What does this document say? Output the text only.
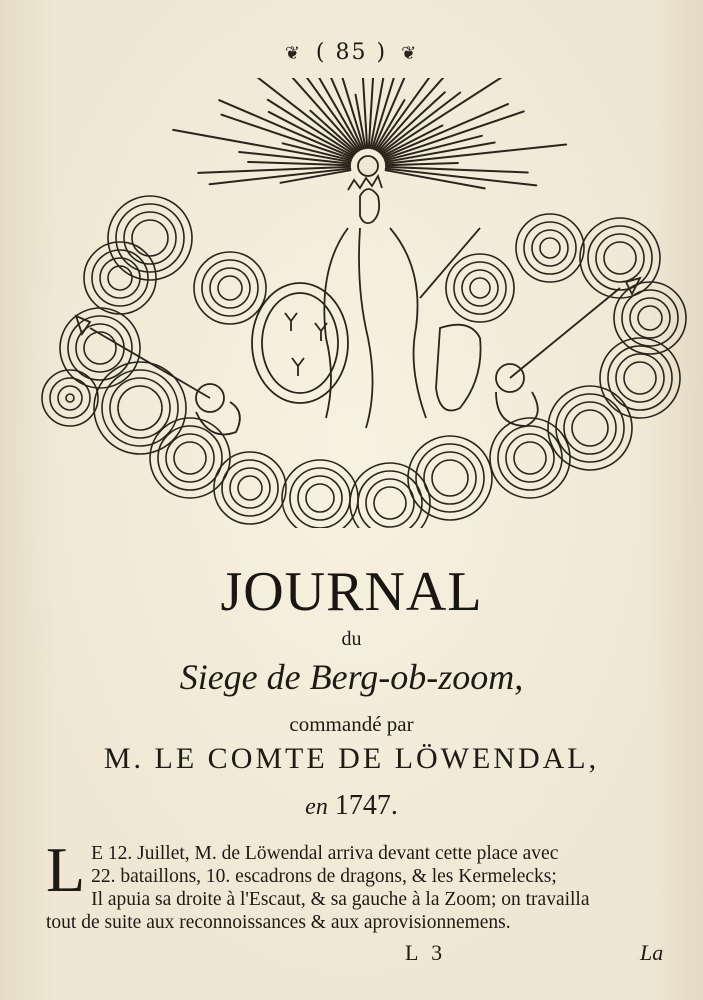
❦ ( 85 ) ❦
JOURNAL
du
Siege de Berg-ob-zoom,
commandé par
M. LE COMTE DE LÖWENDAL,
en 1747.
L E 12. Juillet, M. de Löwendal arriva devant cette place avec
22. bataillons, 10. escadrons de dragons, & les Kermelecks;
Il apuia sa droite à l'Escaut, & sa gauche à la Zoom; on travailla
tout de suite aux reconnoissances & aux aprovisionnemens.
L 3	La
